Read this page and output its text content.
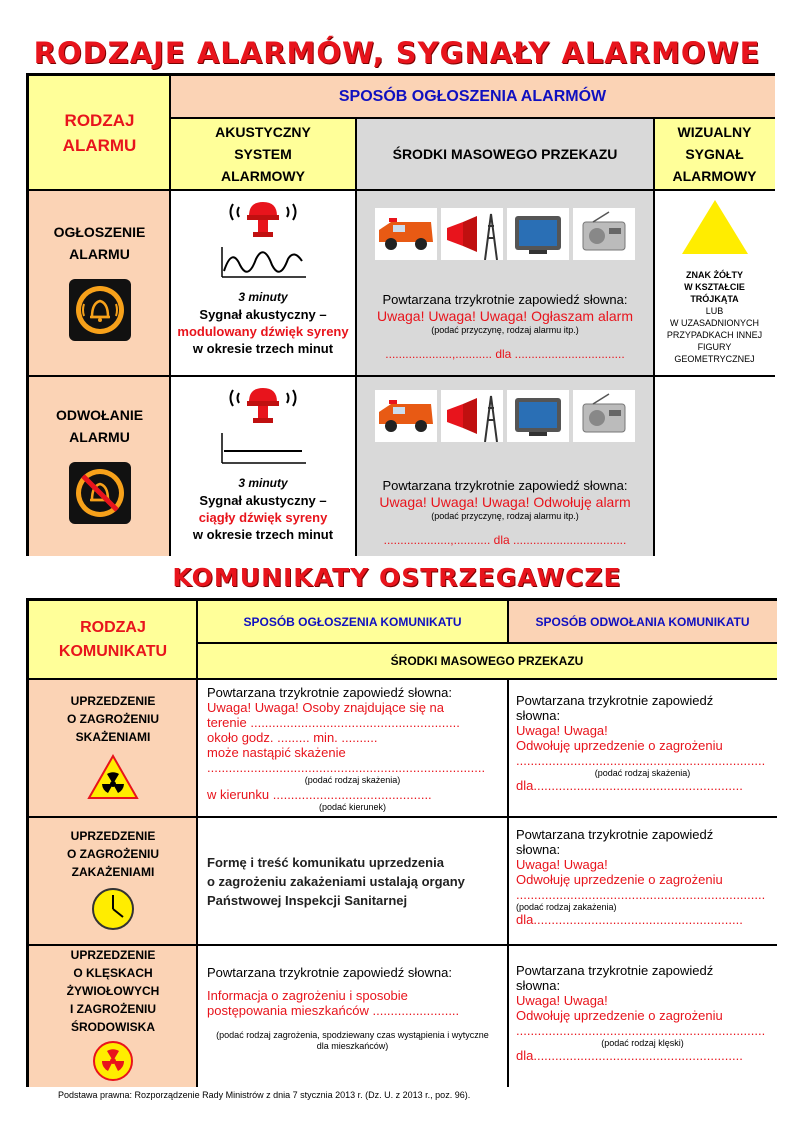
RODZAJE ALARMÓW, SYGNAŁY ALARMOWE
RODZAJ
ALARMU
SPOSÓB OGŁOSZENIA ALARMÓW
AKUSTYCZNY
SYSTEM
ALARMOWY
ŚRODKI MASOWEGO PRZEKAZU
WIZUALNY
SYGNAŁ
ALARMOWY
OGŁOSZENIE
ALARMU
3 minuty
Sygnał akustyczny –
modulowany dźwięk syreny
w okresie trzech minut
Powtarzana trzykrotnie zapowiedź słowna:
Uwaga! Uwaga! Uwaga! Ogłaszam alarm
(podać przyczynę, rodzaj alarmu itp.)
....................,........... dla .................................
ZNAK ŻÓŁTY
W KSZTAŁCIE
TRÓJKĄTA
LUB
W UZASADNIONYCH
PRZYPADKACH INNEJ
FIGURY
GEOMETRYCZNEJ
ODWOŁANIE
ALARMU
3 minuty
Sygnał akustyczny –
ciągły dźwięk syreny
w okresie trzech minut
Powtarzana trzykrotnie zapowiedź słowna:
Uwaga! Uwaga! Uwaga! Odwołuję alarm
(podać przyczynę, rodzaj alarmu itp.)
....................,........... dla ..................................
KOMUNIKATY OSTRZEGAWCZE
RODZAJ
KOMUNIKATU
SPOSÓB OGŁOSZENIA KOMUNIKATU	SPOSÓB ODWOŁANIA KOMUNIKATU
ŚRODKI MASOWEGO PRZEKAZU
UPRZEDZENIE
O ZAGROŻENIU
SKAŻENIAMI
Powtarzana trzykrotnie zapowiedź słowna:
Uwaga! Uwaga! Osoby znajdujące się na
terenie ..........................................................
około godz. ......... min. ..........
może nastąpić skażenie
.............................................................................
(podać rodzaj skażenia)
w kierunku ............................................
(podać kierunek)
Powtarzana trzykrotnie zapowiedź
słowna:
Uwaga! Uwaga!
Odwołuję uprzedzenie o zagrożeniu
.....................................................................
(podać rodzaj skażenia)
dla..........................................................
UPRZEDZENIE
O ZAGROŻENIU
ZAKAŻENIAMI
Formę i treść komunikatu uprzedzenia
o zagrożeniu zakażeniami ustalają organy
Państwowej Inspekcji Sanitarnej
Powtarzana trzykrotnie zapowiedź
słowna:
Uwaga! Uwaga!
Odwołuję uprzedzenie o zagrożeniu
.....................................................................
(podać rodzaj zakażenia)
dla..........................................................
UPRZEDZENIE
O KLĘSKACH
ŻYWIOŁOWYCH
I ZAGROŻENIU
ŚRODOWISKA
Powtarzana trzykrotnie zapowiedź słowna:
Informacja o zagrożeniu i sposobie
postępowania mieszkańców ........................
(podać rodzaj zagrożenia, spodziewany czas wystąpienia i wytyczne
dla mieszkańców)
Powtarzana trzykrotnie zapowiedź
słowna:
Uwaga! Uwaga!
Odwołuję uprzedzenie o zagrożeniu
.....................................................................
(podać rodzaj klęski)
dla..........................................................
Podstawa prawna: Rozporządzenie Rady Ministrów z dnia 7 stycznia 2013 r. (Dz. U. z 2013 r., poz. 96).
